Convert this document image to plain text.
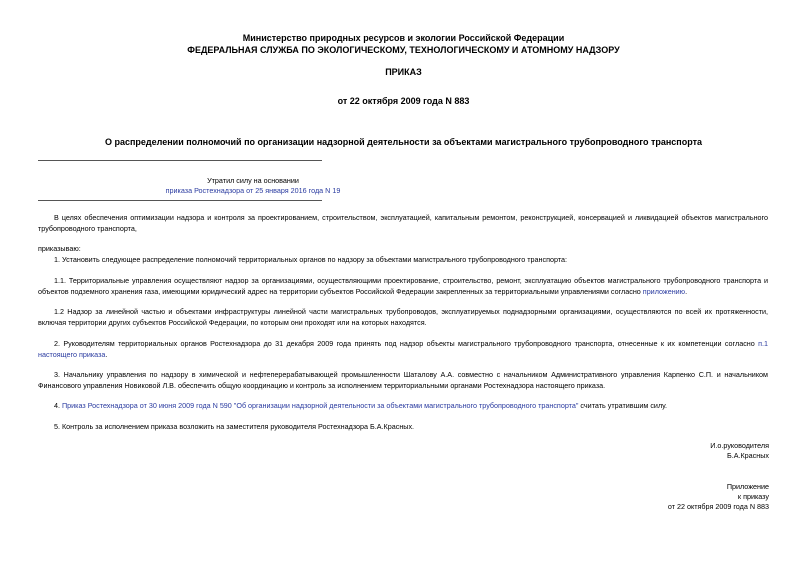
Министерство природных ресурсов и экологии Российской Федерации
ФЕДЕРАЛЬНАЯ СЛУЖБА ПО ЭКОЛОГИЧЕСКОМУ, ТЕХНОЛОГИЧЕСКОМУ И АТОМНОМУ НАДЗОРУ
ПРИКАЗ
от 22 октября 2009 года N 883
О распределении полномочий по организации надзорной деятельности за объектами магистрального трубопроводного транспорта
Утратил силу на основании
приказа Ростехнадзора от 25 января 2016 года N 19
В целях обеспечения оптимизации надзора и контроля за проектированием, строительством, эксплуатацией, капитальным ремонтом, реконструкцией, консервацией и ликвидацией объектов магистрального трубопроводного транспорта,
приказываю:
1. Установить следующее распределение полномочий территориальных органов по надзору за объектами магистрального трубопроводного транспорта:
1.1. Территориальные управления осуществляют надзор за организациями, осуществляющими проектирование, строительство, ремонт, эксплуатацию объектов магистрального трубопроводного транспорта и объектов подземного хранения газа, имеющими юридический адрес на территории субъектов Российской Федерации закрепленных за территориальными управлениями согласно приложению.
1.2 Надзор за линейной частью и объектами инфраструктуры линейной части магистральных трубопроводов, эксплуатируемых поднадзорными организациями, осуществляются по всей их протяженности, включая территории других субъектов Российской Федерации, по которым они проходят или на которых находятся.
2. Руководителям территориальных органов Ростехнадзора до 31 декабря 2009 года принять под надзор объекты магистрального трубопроводного транспорта, отнесенные к их компетенции согласно п.1 настоящего приказа.
3. Начальнику управления по надзору в химической и нефтеперерабатывающей промышленности Шаталову А.А. совместно с начальником Административного управления Карпенко С.П. и начальником Финансового управления Новиковой Л.В. обеспечить общую координацию и контроль за исполнением территориальными органами Ростехнадзора настоящего приказа.
4. Приказ Ростехнадзора от 30 июня 2009 года N 590 "Об организации надзорной деятельности за объектами магистрального трубопроводного транспорта" считать утратившим силу.
5. Контроль за исполнением приказа возложить на заместителя руководителя Ростехнадзора Б.А.Красных.
И.о.руководителя
Б.А.Красных
Приложение
к приказу
от 22 октября 2009 года N 883
